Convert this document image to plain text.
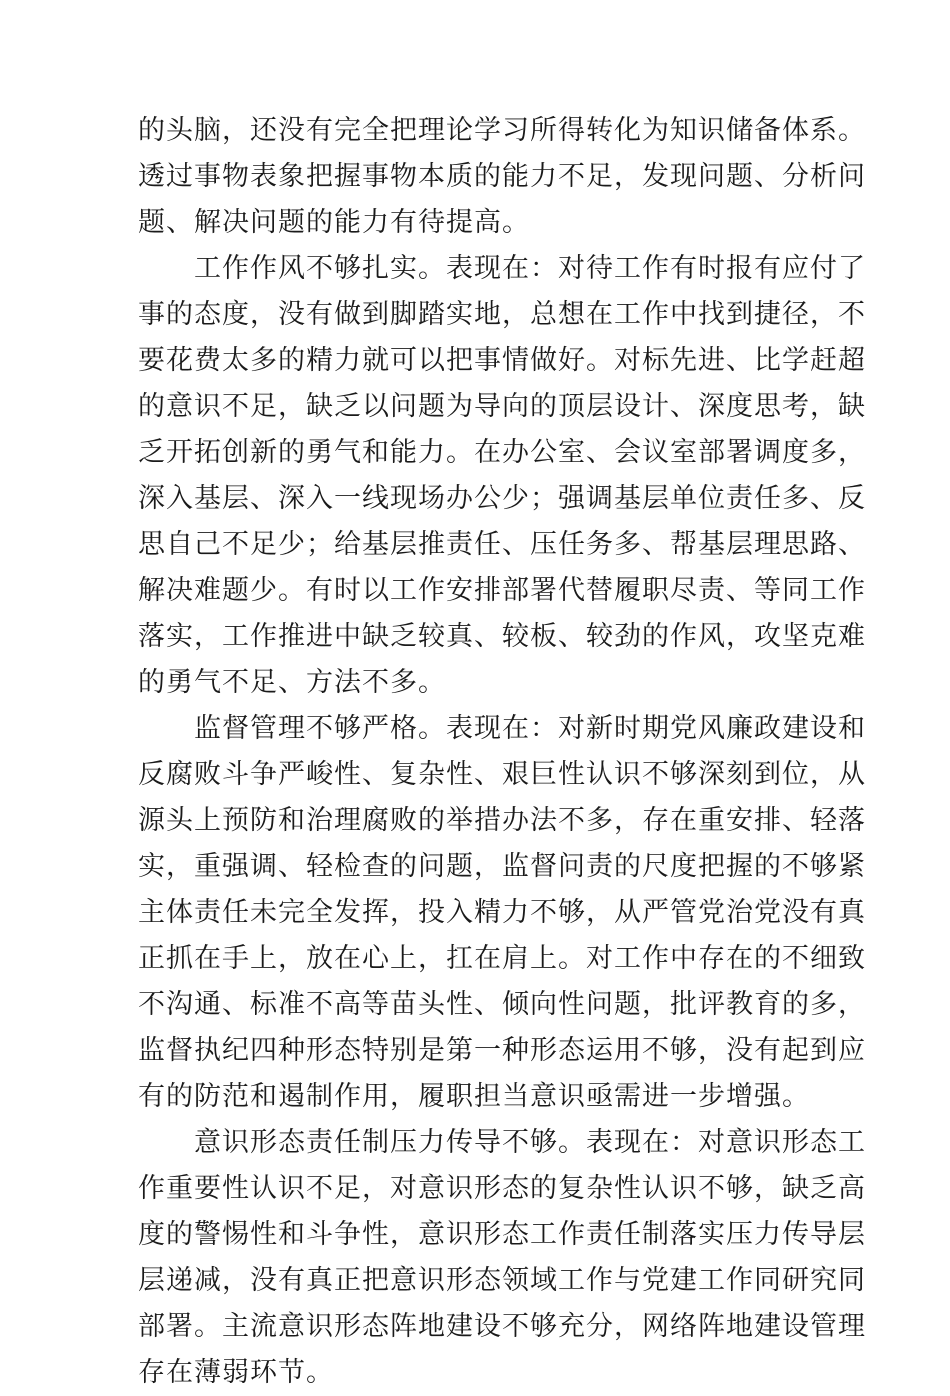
的头脑，还没有完全把理论学习所得转化为知识储备体系。
透过事物表象把握事物本质的能力不足，发现问题、分析问
题、解决问题的能力有待提高。
工作作风不够扎实。表现在：对待工作有时报有应付了
事的态度，没有做到脚踏实地，总想在工作中找到捷径，不
要花费太多的精力就可以把事情做好。对标先进、比学赶超
的意识不足，缺乏以问题为导向的顶层设计、深度思考，缺
乏开拓创新的勇气和能力。在办公室、会议室部署调度多，
深入基层、深入一线现场办公少；强调基层单位责任多、反
思自己不足少；给基层推责任、压任务多、帮基层理思路、
解决难题少。有时以工作安排部署代替履职尽责、等同工作
落实，工作推进中缺乏较真、较板、较劲的作风，攻坚克难
的勇气不足、方法不多。
监督管理不够严格。表现在：对新时期党风廉政建设和
反腐败斗争严峻性、复杂性、艰巨性认识不够深刻到位，从
源头上预防和治理腐败的举措办法不多，存在重安排、轻落
实，重强调、轻检查的问题，监督问责的尺度把握的不够紧
主体责任未完全发挥，投入精力不够，从严管党治党没有真
正抓在手上，放在心上，扛在肩上。对工作中存在的不细致
不沟通、标准不高等苗头性、倾向性问题，批评教育的多，
监督执纪四种形态特别是第一种形态运用不够，没有起到应
有的防范和遏制作用，履职担当意识亟需进一步增强。
意识形态责任制压力传导不够。表现在：对意识形态工
作重要性认识不足，对意识形态的复杂性认识不够，缺乏高
度的警惕性和斗争性，意识形态工作责任制落实压力传导层
层递减，没有真正把意识形态领域工作与党建工作同研究同
部署。主流意识形态阵地建设不够充分，网络阵地建设管理
存在薄弱环节。
